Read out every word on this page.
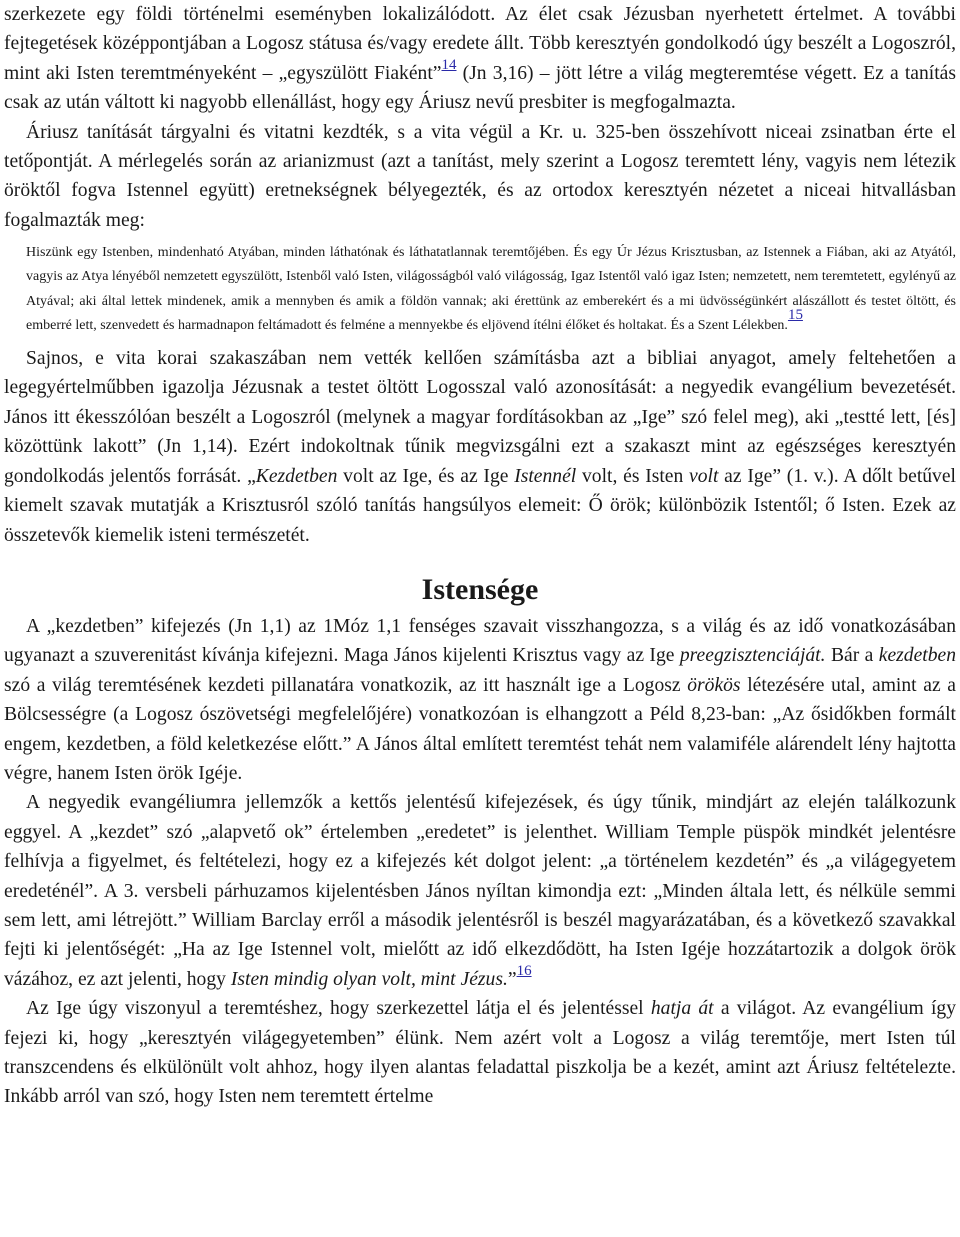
szerkezete egy földi történelmi eseményben lokalizálódott. Az élet csak Jézusban nyerhetett értelmet. A további fejtegetések középpontjában a Logosz státusa és/vagy eredete állt. Több keresztyén gondolkodó úgy beszélt a Logoszról, mint aki Isten teremtményeként – „egyszülött Fiaként”$^{14}$ (Jn 3,16) – jött létre a világ megteremtése végett. Ez a tanítás csak az után váltott ki nagyobb ellenállást, hogy egy Áriusz nevű presbiter is megfogalmazta.

Áriusz tanítását tárgyalni és vitatni kezdték, s a vita végül a Kr. u. 325-ben összehívott niceai zsinatban érte el tetőpontját. A mérlegelés során az arianizmust (azt a tanítást, mely szerint a Logosz teremtett lény, vagyis nem létezik öröktől fogva Istennel együtt) eretnekségnek bélyegezték, és az ortodox keresztyén nézetet a niceai hitvallásban fogalmazták meg:

Hiszünk egy Istenben, mindenható Atyában, minden láthatónak és láthatatlannak teremtőjében. És egy Úr Jézus Krisztusban, az Istennek a Fiában, aki az Atyától, vagyis az Atya lényéből nemzetett egyszülött, Istenből való Isten, világosságból való világosság, Igaz Istentől való igaz Isten; nemzetett, nem teremtetett, egylényű az Atyával; aki által lettek mindenek, amik a mennyben és amik a földön vannak; aki érettünk az emberekért és a mi üdvösségünkért alászállott és testet öltött, és emberré lett, szenvedett és harmadnapon feltámadott és felméne a mennyekbe és eljövend ítélni élőket és holtakat. És a Szent Lélekben.$^{15}$

Sajnos, e vita korai szakaszában nem vették kellően számításba azt a bibliai anyagot, amely feltehetően a legegyértelműbben igazolja Jézusnak a testet öltött Logosszal való azonosítását: a negyedik evangélium bevezetését. János itt ékesszólóan beszélt a Logoszról (melynek a magyar fordításokban az „Ige” szó felel meg), aki „testté lett, [és] közöttünk lakott” (Jn 1,14). Ezért indokoltnak tűnik megvizsgálni ezt a szakaszt mint az egészséges keresztyén gondolkodás jelentős forrását. „Kezdetben volt az Ige, és az Ige Istennél volt, és Isten volt az Ige” (1. v.). A dőlt betűvel kiemelt szavak mutatják a Krisztusról szóló tanítás hangsúlyos elemeit: Ő örök; különbözik Istentől; ő Isten. Ezek az összetevők kiemelik isteni természetét.

Istensége

A „kezdetben” kifejezés (Jn 1,1) az 1Móz 1,1 fenséges szavait visszhangozza, s a világ és az idő vonatkozásában ugyanazt a szuverenitást kívánja kifejezni. Maga János kijelenti Krisztus vagy az Ige preegzisztenciáját. Bár a kezdetben szó a világ teremtésének kezdeti pillanatára vonatkozik, az itt használt ige a Logosz örökös létezésére utal, amint az a Bölcsességre (a Logosz ószövetségi megfelelőjére) vonatkozóan is elhangzott a Péld 8,23-ban: „Az ősidőkben formált engem, kezdetben, a föld keletkezése előtt.” A János által említett teremtést tehát nem valamiféle alárendelt lény hajtotta végre, hanem Isten örök Igéje.

A negyedik evangéliumra jellemzők a kettős jelentésű kifejezések, és úgy tűnik, mindjárt az elején találkozunk eggyel. A „kezdet” szó „alapvető ok” értelemben „eredetet” is jelenthet. William Temple püspök mindkét jelentésre felhívja a figyelmet, és feltételezi, hogy ez a kifejezés két dolgot jelent: „a történelem kezdetén” és „a világegyetem eredeténél”. A 3. versbeli párhuzamos kijelentésben János nyíltan kimondja ezt: „Minden általa lett, és nélküle semmi sem lett, ami létrejött.” William Barclay erről a második jelentésről is beszél magyarázatában, és a következő szavakkal fejti ki jelentőségét: „Ha az Ige Istennel volt, mielőtt az idő elkezdődött, ha Isten Igéje hozzátartozik a dolgok örök vázához, ez azt jelenti, hogy Isten mindig olyan volt, mint Jézus.”$^{16}$

Az Ige úgy viszonyul a teremtéshez, hogy szerkezettel látja el és jelentéssel hatja át a világot. Az evangélium így fejezi ki, hogy „keresztyén világegyetemben” élünk. Nem azért volt a Logosz a világ teremtője, mert Isten túl transzcendens és elkülönült volt ahhoz, hogy ilyen alantas feladattal piszkolja be a kezét, amint azt Áriusz feltételezte. Inkább arról van szó, hogy Isten nem teremtett értelme
